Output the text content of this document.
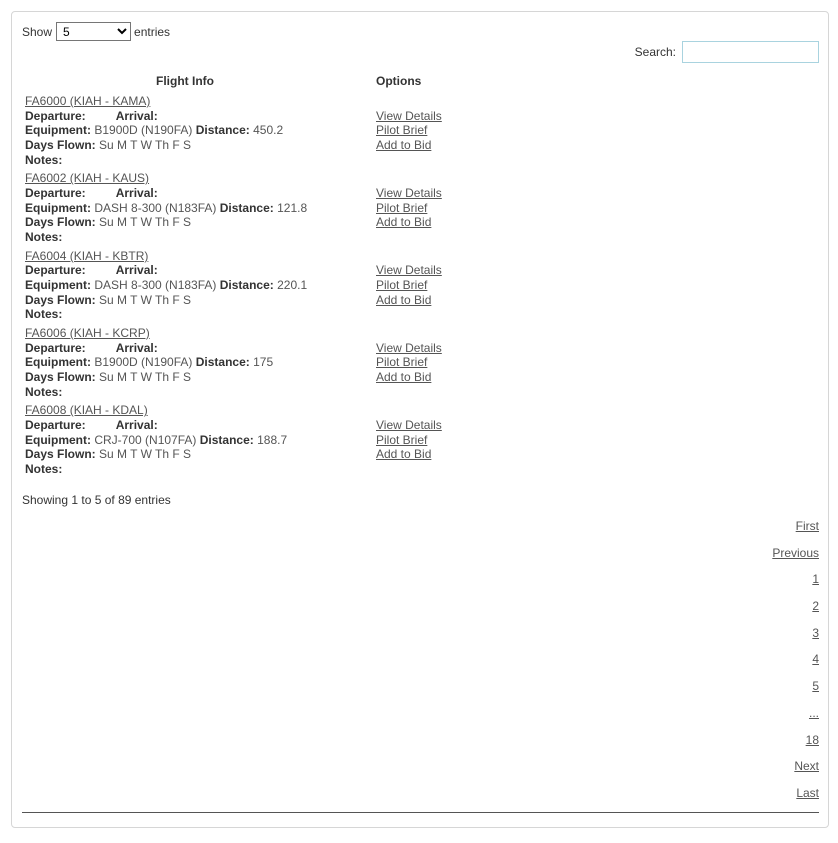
Show
5	entries
Search:
Flight Info	Options
FA6000 (KIAH - KAMA)
Departure:	Arrival:
Equipment: B1900D (N190FA) Distance: 450.2
Days Flown: Su M T W Th F S
Notes:
View Details
Pilot Brief
Add to Bid
FA6002 (KIAH - KAUS)
Departure:	Arrival:
Equipment: DASH 8-300 (N183FA) Distance: 121.8
Days Flown: Su M T W Th F S
Notes:
View Details
Pilot Brief
Add to Bid
FA6004 (KIAH - KBTR)
Departure:	Arrival:
Equipment: DASH 8-300 (N183FA) Distance: 220.1
Days Flown: Su M T W Th F S
Notes:
View Details
Pilot Brief
Add to Bid
FA6006 (KIAH - KCRP)
Departure:	Arrival:
Equipment: B1900D (N190FA) Distance: 175
Days Flown: Su M T W Th F S
Notes:
View Details
Pilot Brief
Add to Bid
FA6008 (KIAH - KDAL)
Departure:	Arrival:
Equipment: CRJ-700 (N107FA) Distance: 188.7
Days Flown: Su M T W Th F S
Notes:
View Details
Pilot Brief
Add to Bid
Showing 1 to 5 of 89 entries
First
Previous
1
2
3
4
5
...
18
Next
Last
